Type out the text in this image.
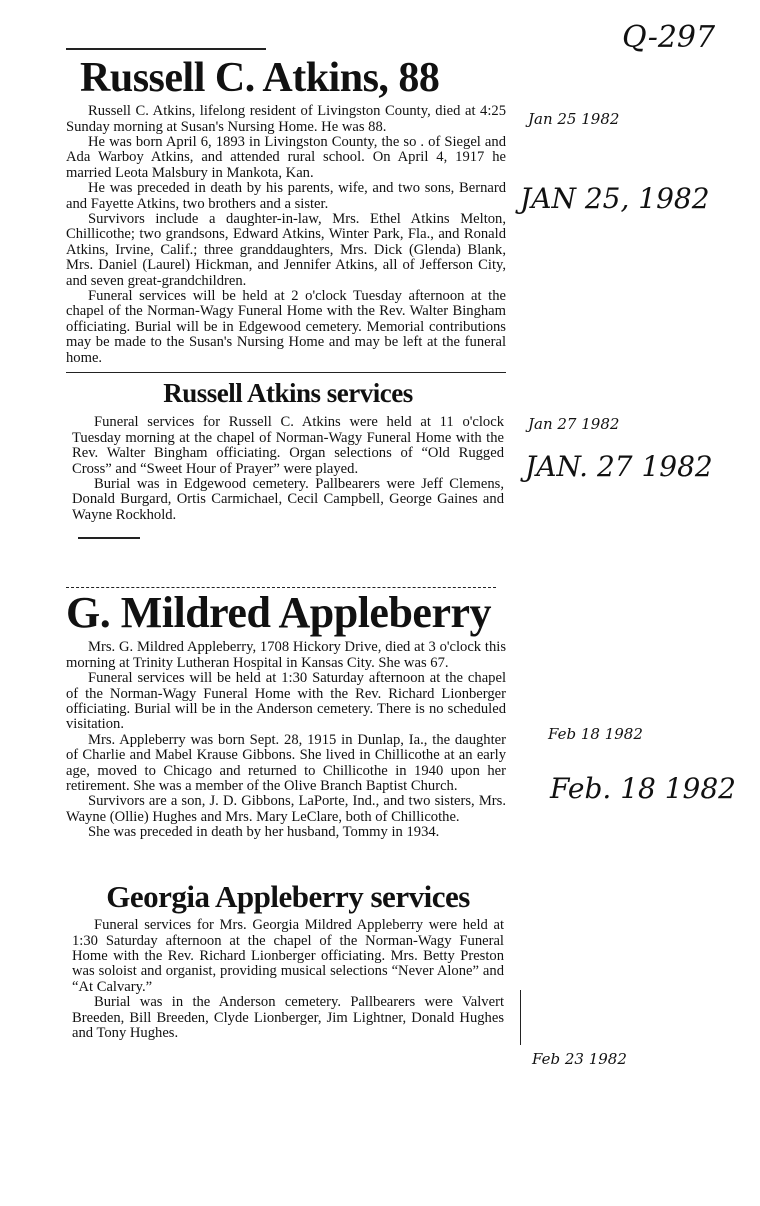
Q-297
Jan 25 1982
JAN 25, 1982
Jan 27 1982
JAN. 27 1982
Feb 18 1982
Feb. 18 1982
Feb 23 1982
Russell C. Atkins, 88

Russell C. Atkins, lifelong resident of Livingston County, died at 4:25 Sunday morning at Susan's Nursing Home. He was 88.

He was born April 6, 1893 in Livingston County, the so . of Siegel and Ada Warboy Atkins, and attended rural school. On April 4, 1917 he married Leota Malsbury in Mankota, Kan.

He was preceded in death by his parents, wife, and two sons, Bernard and Fayette Atkins, two brothers and a sister.

Survivors include a daughter-in-law, Mrs. Ethel Atkins Melton, Chillicothe; two grandsons, Edward Atkins, Winter Park, Fla., and Ronald Atkins, Irvine, Calif.; three granddaughters, Mrs. Dick (Glenda) Blank, Mrs. Daniel (Laurel) Hickman, and Jennifer Atkins, all of Jefferson City, and seven great-grandchildren.

Funeral services will be held at 2 o'clock Tuesday afternoon at the chapel of the Norman-Wagy Funeral Home with the Rev. Walter Bingham officiating. Burial will be in Edgewood cemetery. Memorial contributions may be made to the Susan's Nursing Home and may be left at the funeral home.

Russell Atkins services

Funeral services for Russell C. Atkins were held at 11 o'clock Tuesday morning at the chapel of Norman-Wagy Funeral Home with the Rev. Walter Bingham officiating. Organ selections of “Old Rugged Cross” and “Sweet Hour of Prayer” were played.

Burial was in Edgewood cemetery. Pallbearers were Jeff Clemens, Donald Burgard, Ortis Carmichael, Cecil Campbell, George Gaines and Wayne Rockhold.

G. Mildred Appleberry

Mrs. G. Mildred Appleberry, 1708 Hickory Drive, died at 3 o'clock this morning at Trinity Lutheran Hospital in Kansas City. She was 67.

Funeral services will be held at 1:30 Saturday afternoon at the chapel of the Norman-Wagy Funeral Home with the Rev. Richard Lionberger officiating. Burial will be in the Anderson cemetery. There is no scheduled visitation.

Mrs. Appleberry was born Sept. 28, 1915 in Dunlap, Ia., the daughter of Charlie and Mabel Krause Gibbons. She lived in Chillicothe at an early age, moved to Chicago and returned to Chillicothe in 1940 upon her retirement. She was a member of the Olive Branch Baptist Church.

Survivors are a son, J. D. Gibbons, LaPorte, Ind., and two sisters, Mrs. Wayne (Ollie) Hughes and Mrs. Mary LeClare, both of Chillicothe.

She was preceded in death by her husband, Tommy in 1934.

Georgia Appleberry services

Funeral services for Mrs. Georgia Mildred Appleberry were held at 1:30 Saturday afternoon at the chapel of the Norman-Wagy Funeral Home with the Rev. Richard Lionberger officiating. Mrs. Betty Preston was soloist and organist, providing musical selections “Never Alone” and “At Calvary.”

Burial was in the Anderson cemetery. Pallbearers were Valvert Breeden, Bill Breeden, Clyde Lionberger, Jim Lightner, Donald Hughes and Tony Hughes.
